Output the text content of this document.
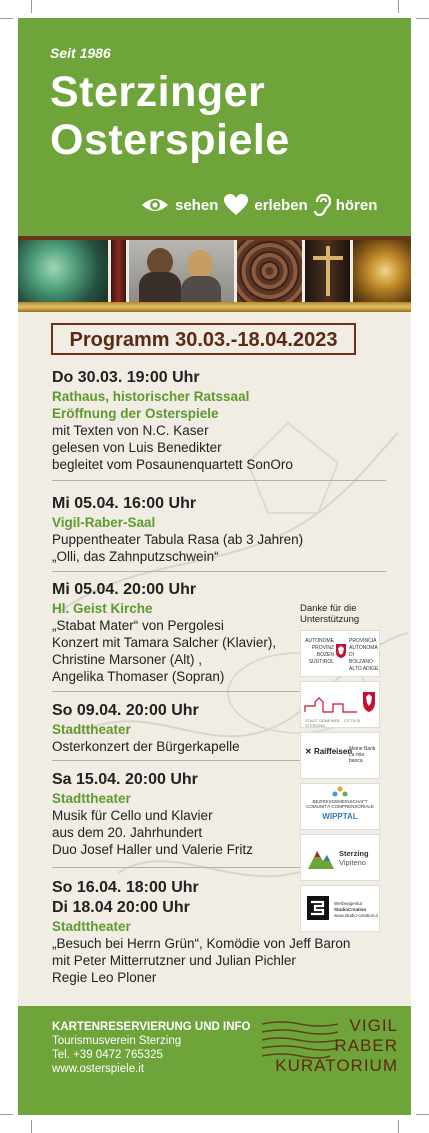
Seit 1986
Sterzinger
Osterspiele
sehen erleben hören
Programm 30.03.-18.04.2023
Do 30.03. 19:00 Uhr
Rathaus, historischer Ratssaal
Eröffnung der Osterspiele
mit Texten von N.C. Kaser
gelesen von Luis Benedikter
begleitet vom Posaunenquartett SonOro
Mi 05.04. 16:00 Uhr
Vigil-Raber-Saal
Puppentheater Tabula Rasa (ab 3 Jahren)
„Olli, das Zahnputzschwein“
Mi 05.04. 20:00 Uhr
Hl. Geist Kirche
„Stabat Mater“ von Pergolesi
Konzert mit Tamara Salcher (Klavier),
Christine Marsoner (Alt) ,
Angelika Thomaser (Sopran)
So 09.04. 20:00 Uhr
Stadttheater
Osterkonzert der Bürgerkapelle
Sa 15.04. 20:00 Uhr
Stadttheater
Musik für Cello und Klavier
aus dem 20. Jahrhundert
Duo Josef Haller und Valerie Fritz
So 16.04. 18:00 Uhr
Di 18.04 20:00 Uhr
Stadttheater
„Besuch bei Herrn Grün“, Komödie von Jeff Baron
mit Peter Mitterrutzner und Julian Pichler
Regie Leo Ploner
Danke für die
Unterstützung
AUTONOME
PROVINZ
BOZEN
SÜDTIROL
PROVINCIA
AUTONOMA
DI BOLZANO
ALTO ADIGE
STADT GEMEINDE - CITTÀ DI STERZING
✕ Raiffeisen
Meine Bank
La mia banca
BEZIRKSGEMEINSCHAFT
COMUNITÀ COMPRENSORIALE
WIPPTAL
Sterzing
Vipiteno
Werbeagentur
StudioCreation
www.studio-creation.it
KARTENRESERVIERUNG UND INFO
Tourismusverein Sterzing
Tel. +39 0472 765325
www.osterspiele.it
VIGIL
RABER
KURATORIUM
